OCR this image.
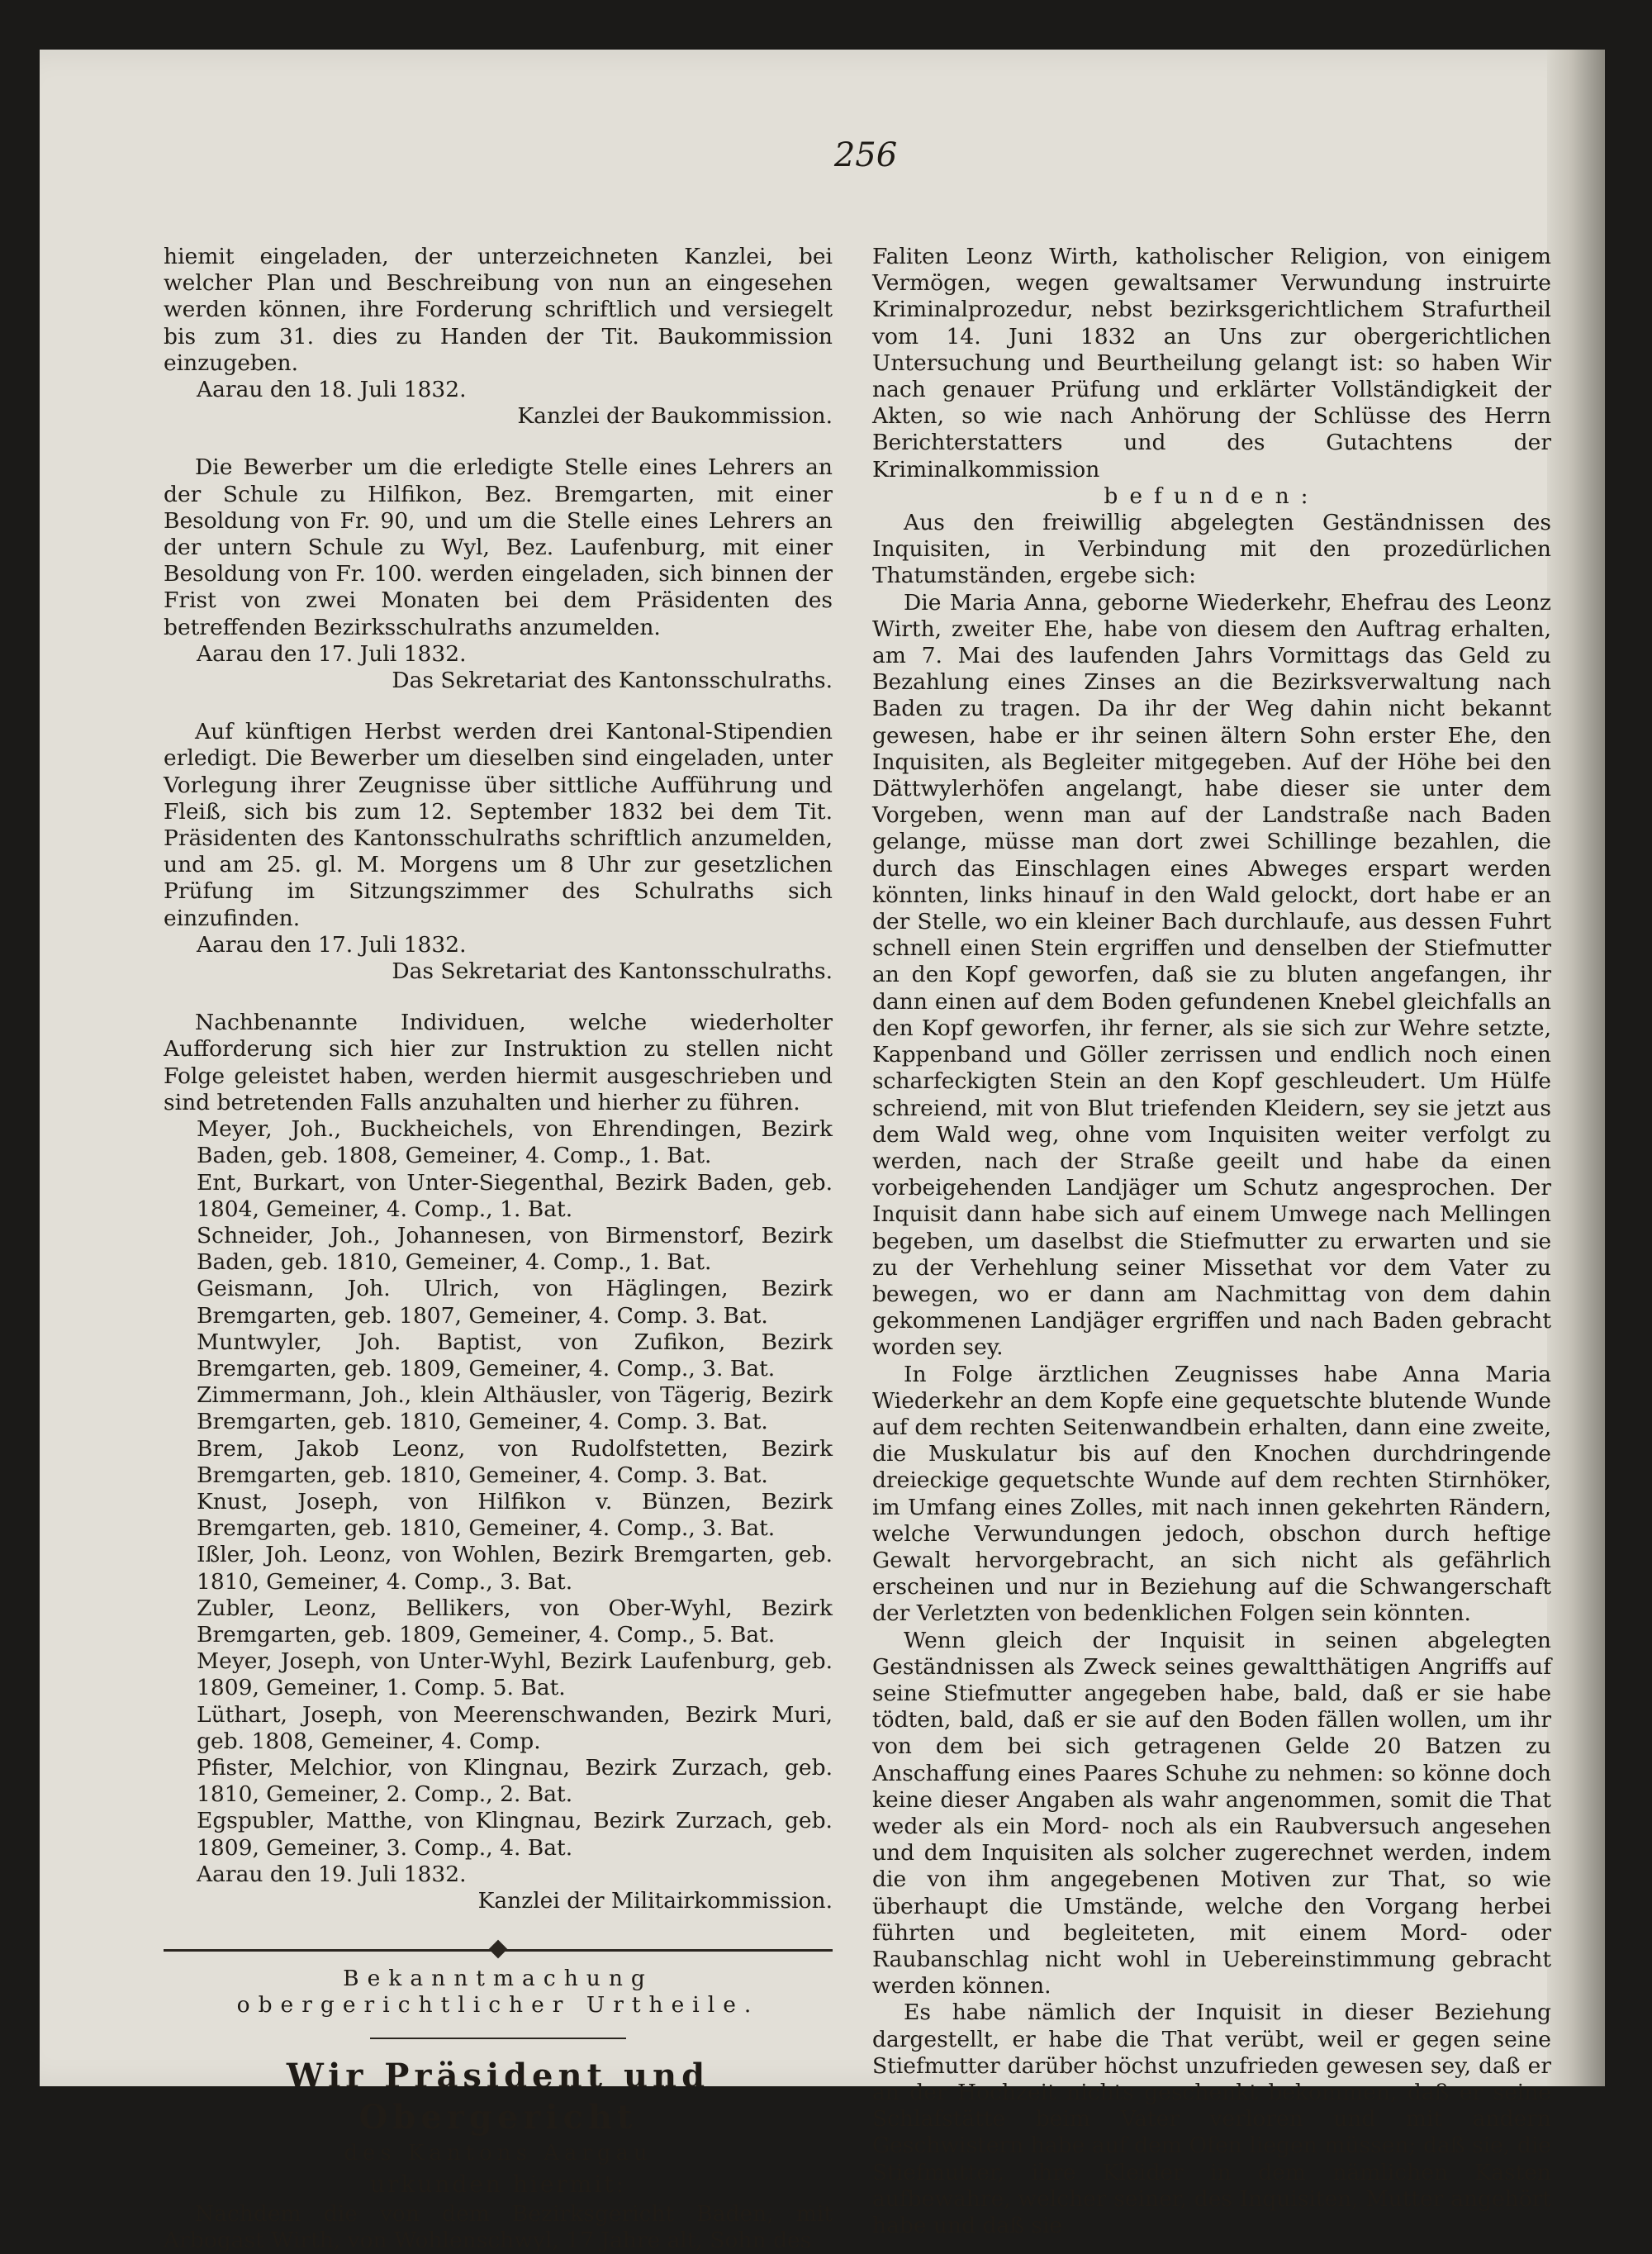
256

hiemit eingeladen, der unterzeichneten Kanzlei, bei welcher Plan und Beschreibung von nun an eingesehen werden können, ihre Forderung schriftlich und versiegelt bis zum 31. dies zu Handen der Tit. Baukommission einzugeben.

Aarau den 18. Juli 1832.

Kanzlei der Baukommission.

Die Bewerber um die erledigte Stelle eines Lehrers an der Schule zu Hilfikon, Bez. Bremgarten, mit einer Besoldung von Fr. 90, und um die Stelle eines Lehrers an der untern Schule zu Wyl, Bez. Laufenburg, mit einer Besoldung von Fr. 100. werden eingeladen, sich binnen der Frist von zwei Monaten bei dem Präsidenten des betreffenden Bezirksschulraths anzumelden.

Aarau den 17. Juli 1832.

Das Sekretariat des Kantonsschulraths.

Auf künftigen Herbst werden drei Kantonal-Stipendien erledigt. Die Bewerber um dieselben sind eingeladen, unter Vorlegung ihrer Zeugnisse über sittliche Aufführung und Fleiß, sich bis zum 12. September 1832 bei dem Tit. Präsidenten des Kantonsschulraths schriftlich anzumelden, und am 25. gl. M. Morgens um 8 Uhr zur gesetzlichen Prüfung im Sitzungszimmer des Schulraths sich einzufinden.

Aarau den 17. Juli 1832.

Das Sekretariat des Kantonsschulraths.

Nachbenannte Individuen, welche wiederholter Aufforderung sich hier zur Instruktion zu stellen nicht Folge geleistet haben, werden hiermit ausgeschrieben und sind betretenden Falls anzuhalten und hierher zu führen.

Meyer, Joh., Buckheichels, von Ehrendingen, Bezirk Baden, geb. 1808, Gemeiner, 4. Comp., 1. Bat.

Ent, Burkart, von Unter-Siegenthal, Bezirk Baden, geb. 1804, Gemeiner, 4. Comp., 1. Bat.

Schneider, Joh., Johannesen, von Birmenstorf, Bezirk Baden, geb. 1810, Gemeiner, 4. Comp., 1. Bat.

Geismann, Joh. Ulrich, von Häglingen, Bezirk Bremgarten, geb. 1807, Gemeiner, 4. Comp. 3. Bat.

Muntwyler, Joh. Baptist, von Zufikon, Bezirk Bremgarten, geb. 1809, Gemeiner, 4. Comp., 3. Bat.

Zimmermann, Joh., klein Althäusler, von Tägerig, Bezirk Bremgarten, geb. 1810, Gemeiner, 4. Comp. 3. Bat.

Brem, Jakob Leonz, von Rudolfstetten, Bezirk Bremgarten, geb. 1810, Gemeiner, 4. Comp. 3. Bat.

Knust, Joseph, von Hilfikon v. Bünzen, Bezirk Bremgarten, geb. 1810, Gemeiner, 4. Comp., 3. Bat.

Ißler, Joh. Leonz, von Wohlen, Bezirk Bremgarten, geb. 1810, Gemeiner, 4. Comp., 3. Bat.

Zubler, Leonz, Bellikers, von Ober-Wyhl, Bezirk Bremgarten, geb. 1809, Gemeiner, 4. Comp., 5. Bat.

Meyer, Joseph, von Unter-Wyhl, Bezirk Laufenburg, geb. 1809, Gemeiner, 1. Comp. 5. Bat.

Lüthart, Joseph, von Meerenschwanden, Bezirk Muri, geb. 1808, Gemeiner, 4. Comp.

Pfister, Melchior, von Klingnau, Bezirk Zurzach, geb. 1810, Gemeiner, 2. Comp., 2. Bat.

Egspubler, Matthe, von Klingnau, Bezirk Zurzach, geb. 1809, Gemeiner, 3. Comp., 4. Bat.

Aarau den 19. Juli 1832.

Kanzlei der Militairkommission.

Bekanntmachung

obergerichtlicher Urtheile.

Wir Präsident und Obergericht

des Kantons Aargau

urkunden hiermit:

Nachdem die von dem Bezirksgericht Baden, mit Arbogast Wirth, von Wohlenschwyl, 17 Jahre alt, Sohn des

Faliten Leonz Wirth, katholischer Religion, von einigem Vermögen, wegen gewaltsamer Verwundung instruirte Kriminalprozedur, nebst bezirksgerichtlichem Strafurtheil vom 14. Juni 1832 an Uns zur obergerichtlichen Untersuchung und Beurtheilung gelangt ist: so haben Wir nach genauer Prüfung und erklärter Vollständigkeit der Akten, so wie nach Anhörung der Schlüsse des Herrn Berichterstatters und des Gutachtens der Kriminalkommission

befunden:

Aus den freiwillig abgelegten Geständnissen des Inquisiten, in Verbindung mit den prozedürlichen Thatumständen, ergebe sich:

Die Maria Anna, geborne Wiederkehr, Ehefrau des Leonz Wirth, zweiter Ehe, habe von diesem den Auftrag erhalten, am 7. Mai des laufenden Jahrs Vormittags das Geld zu Bezahlung eines Zinses an die Bezirksverwaltung nach Baden zu tragen. Da ihr der Weg dahin nicht bekannt gewesen, habe er ihr seinen ältern Sohn erster Ehe, den Inquisiten, als Begleiter mitgegeben. Auf der Höhe bei den Dättwylerhöfen angelangt, habe dieser sie unter dem Vorgeben, wenn man auf der Landstraße nach Baden gelange, müsse man dort zwei Schillinge bezahlen, die durch das Einschlagen eines Abweges erspart werden könnten, links hinauf in den Wald gelockt, dort habe er an der Stelle, wo ein kleiner Bach durchlaufe, aus dessen Fuhrt schnell einen Stein ergriffen und denselben der Stiefmutter an den Kopf geworfen, daß sie zu bluten angefangen, ihr dann einen auf dem Boden gefundenen Knebel gleichfalls an den Kopf geworfen, ihr ferner, als sie sich zur Wehre setzte, Kappenband und Göller zerrissen und endlich noch einen scharfeckigten Stein an den Kopf geschleudert. Um Hülfe schreiend, mit von Blut triefenden Kleidern, sey sie jetzt aus dem Wald weg, ohne vom Inquisiten weiter verfolgt zu werden, nach der Straße geeilt und habe da einen vorbeigehenden Landjäger um Schutz angesprochen. Der Inquisit dann habe sich auf einem Umwege nach Mellingen begeben, um daselbst die Stiefmutter zu erwarten und sie zu der Verhehlung seiner Missethat vor dem Vater zu bewegen, wo er dann am Nachmittag von dem dahin gekommenen Landjäger ergriffen und nach Baden gebracht worden sey.

In Folge ärztlichen Zeugnisses habe Anna Maria Wiederkehr an dem Kopfe eine gequetschte blutende Wunde auf dem rechten Seitenwandbein erhalten, dann eine zweite, die Muskulatur bis auf den Knochen durchdringende dreieckige gequetschte Wunde auf dem rechten Stirnhöker, im Umfang eines Zolles, mit nach innen gekehrten Rändern, welche Verwundungen jedoch, obschon durch heftige Gewalt hervorgebracht, an sich nicht als gefährlich erscheinen und nur in Beziehung auf die Schwangerschaft der Verletzten von bedenklichen Folgen sein könnten.

Wenn gleich der Inquisit in seinen abgelegten Geständnissen als Zweck seines gewaltthätigen Angriffs auf seine Stiefmutter angegeben habe, bald, daß er sie habe tödten, bald, daß er sie auf den Boden fällen wollen, um ihr von dem bei sich getragenen Gelde 20 Batzen zu Anschaffung eines Paares Schuhe zu nehmen: so könne doch keine dieser Angaben als wahr angenommen, somit die That weder als ein Mord- noch als ein Raubversuch angesehen und dem Inquisiten als solcher zugerechnet werden, indem die von ihm angegebenen Motiven zur That, so wie überhaupt die Umstände, welche den Vorgang herbei führten und begleiteten, mit einem Mord- oder Raubanschlag nicht wohl in Uebereinstimmung gebracht werden können.

Es habe nämlich der Inquisit in dieser Beziehung dargestellt, er habe die That verübt, weil er gegen seine Stiefmutter darüber höchst unzufrieden gewesen sey, daß er an der Hochzeit nichts geschenkt bekommen, daß er seine Schlafstätte beim Vater verloren und mit andern Geschwistern habe auf dem Ofen liegen müssen; daß sie, die Stiefmutter, ihre Kleider in dem nämlichen Kasten aufbewahre, welcher seiner, des Inquisiten, Mutter angehört habe und daß sie
